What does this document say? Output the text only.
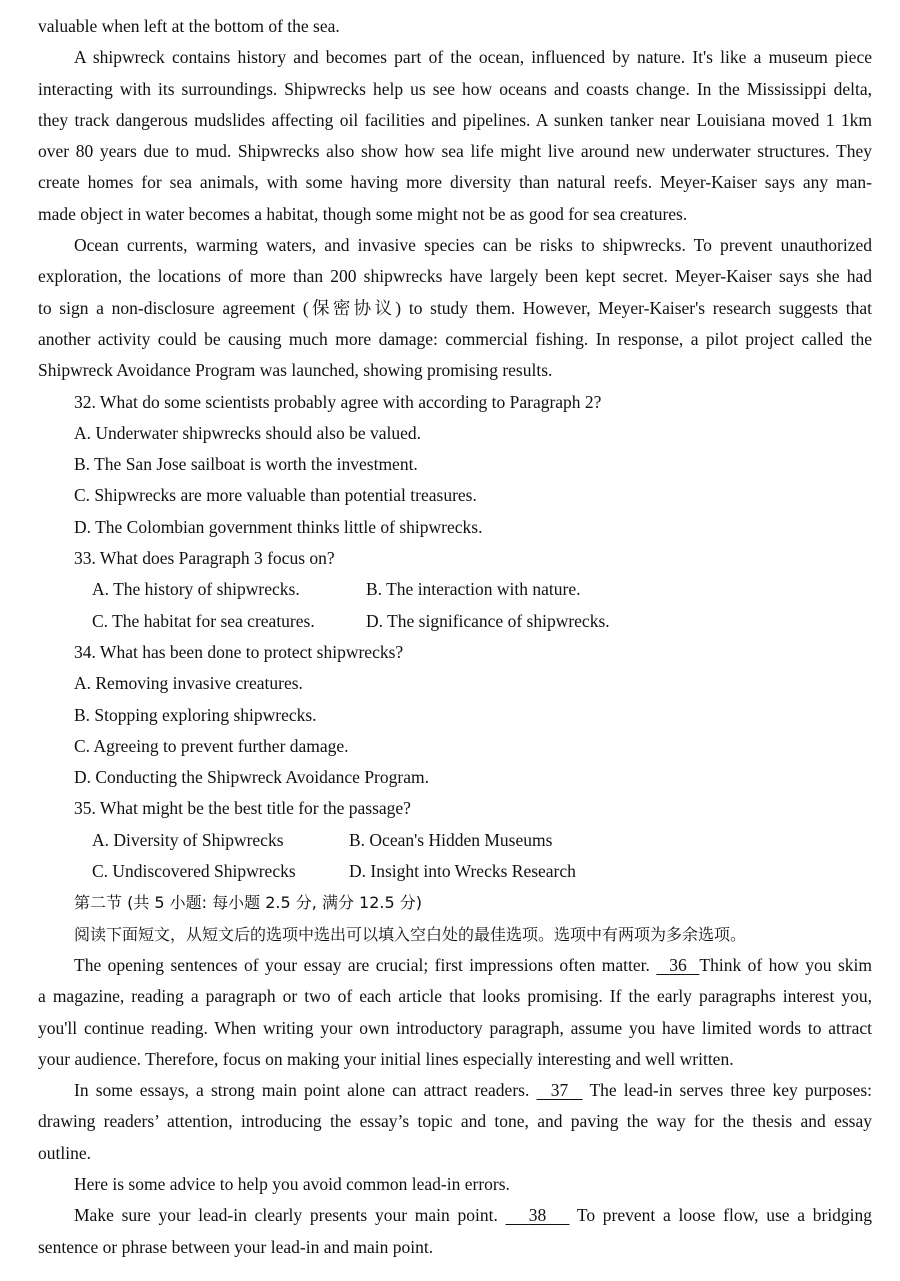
valuable when left at the bottom of the sea.
A shipwreck contains history and becomes part of the ocean, influenced by nature. It's like a museum piece
interacting with its surroundings. Shipwrecks help us see how oceans and coasts change. In the Mississippi delta,
they track dangerous mudslides affecting oil facilities and pipelines. A sunken tanker near Louisiana moved 1 1km
over 80 years due to mud. Shipwrecks also show how sea life might live around new underwater structures. They
create homes for sea animals, with some having more diversity than natural reefs. Meyer-Kaiser says any man-
made object in water becomes a habitat, though some might not be as good for sea creatures.
Ocean currents, warming waters, and invasive species can be risks to shipwrecks. To prevent unauthorized
exploration, the locations of more than 200 shipwrecks have largely been kept secret. Meyer-Kaiser says she had
to sign a non-disclosure agreement (保密协议) to study them. However, Meyer-Kaiser's research suggests that
another activity could be causing much more damage: commercial fishing. In response, a pilot project called the
Shipwreck Avoidance Program was launched, showing promising results.
32. What do some scientists probably agree with according to Paragraph 2?
A. Underwater shipwrecks should also be valued.
B. The San Jose sailboat is worth the investment.
C. Shipwrecks are more valuable than potential treasures.
D. The Colombian government thinks little of shipwrecks.
33. What does Paragraph 3 focus on?
A. The history of shipwrecks.	B. The interaction with nature.
C. The habitat for sea creatures.	D. The significance of shipwrecks.
34. What has been done to protect shipwrecks?
A. Removing invasive creatures.
B. Stopping exploring shipwrecks.
C. Agreeing to prevent further damage.
D. Conducting the Shipwreck Avoidance Program.
35. What might be the best title for the passage?
A. Diversity of Shipwrecks	B. Ocean's Hidden Museums
C. Undiscovered Shipwrecks	D. Insight into Wrecks Research
第二节 (共 5 小题: 每小题 2.5 分, 满分 12.5 分)
阅读下面短文，从短文后的选项中选出可以填入空白处的最佳选项。选项中有两项为多余选项。
The opening sentences of your essay are crucial; first impressions often matter. 36 Think of how you skim
a magazine, reading a paragraph or two of each article that looks promising. If the early paragraphs interest you,
you'll continue reading. When writing your own introductory paragraph, assume you have limited words to attract
your audience. Therefore, focus on making your initial lines especially interesting and well written.
In some essays, a strong main point alone can attract readers. 37 The lead-in serves three key purposes:
drawing readers’ attention, introducing the essay’s topic and tone, and paving the way for the thesis and essay
outline.
Here is some advice to help you avoid common lead-in errors.
Make sure your lead-in clearly presents your main point. 38 To prevent a loose flow, use a bridging
sentence or phrase between your lead-in and main point.
